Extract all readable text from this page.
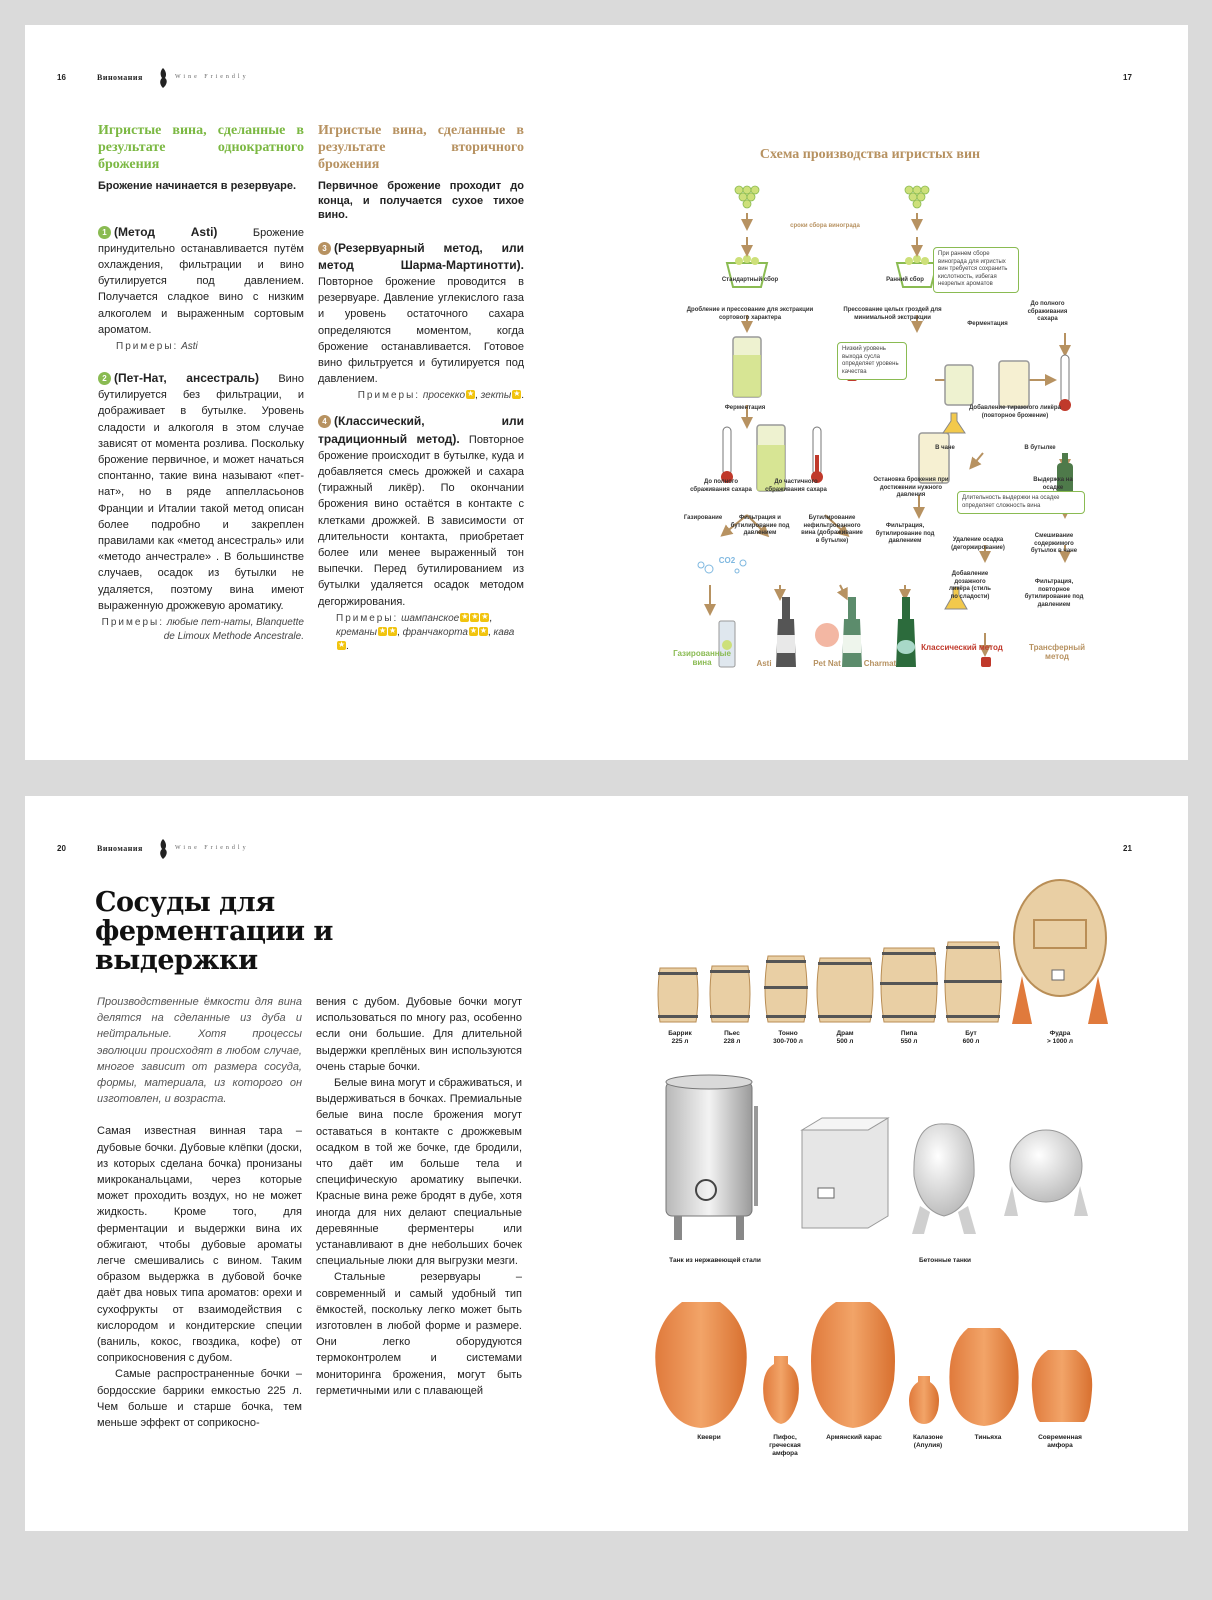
16	Виномания	Wine Friendly	17

Игристые вина, сделанные в результате однократного брожения

Брожение начинается в резервуаре.

1 (Метод Asti)	Брожение принудительно останавливается путём охлаждения, фильтрации и вино бутилируется под давлением. Получается сладкое вино с низким алкоголем и выраженным сортовым ароматом.

Примеры: Asti

2 (Пет-Нат, ансестраль) Вино бутилируется без фильтрации, и дображивает в бутылке. Уровень сладости и алкоголя в этом случае зависят от момента розлива. Поскольку брожение первичное, и может начаться спонтанно, такие вина называют «пет-нат», но в ряде аппелласьонов Франции и Италии такой метод описан более подробно и закреплен правилами как «метод ансестраль» или «методо анчестрале» . В большинстве случаев, осадок из бутылки не удаляется, поэтому вина имеют выраженную дрожжевую ароматику.

Примеры: любые пет-наты, Blanquette de Limoux Methode Ancestrale.

Игристые вина, сделанные в результате вторичного брожения

Первичное брожение проходит до конца, и получается сухое тихое вино.

3 (Резервуарный метод, или метод Шарма-Мартинотти). Повторное брожение проводится в резервуаре. Давление углекислого газа и уровень остаточного сахара определяются моментом, когда брожение останавливается. Готовое вино фильтруется и бутилируется под давлением.

Примеры: просекко ★ , зекты ★ .

4 (Классический, или традиционный метод). Повторное брожение происходит в бутылке, куда и добавляется смесь дрожжей и сахара (тиражный ликёр). По окончании брожения вино остаётся в контакте с клетками дрожжей. В зависимости от длительности контакта, приобретает более или менее выраженный тон выпечки. Перед бутилированием из бутылки удаляется осадок методом дегоржирования.

Примеры: шампанское ★ ★ ★	, креманы ★ ★ , франчакорта ★ ★ , кава★.

Схема производства игристых вин
сроки сбора винограда
Стандартный сбор	Ранний сбор
При раннем сборе винограда для игристых вин требуется сохранить кислотность, избегая незрелых ароматов
Дробление и прессование для экстракции сортового характера
Прессование целых гроздей для минимальной экстракции
Ферментация
До полного сбраживания сахара
Низкий уровень выхода сусла определяет уровень качества
Ферментация	Добавление тиражного ликёра (повторное брожение)
В чане	В бутылке
До полного сбраживания сахара
До частичного сбраживания сахара
Остановка брожения при достижении нужного давления
Выдержка на осадке
Длительность выдержки на осадке определяет сложность вина
Газирование	Фильтрация и бутилирование под давлением
Бутилирование нефильтрованного вина (дображивание в бутылке)
Фильтрация, бутилирование под давлением
CO2
Удаление осадка (дегоржирование)
Смешивание содержимого бутылок в чане
Добавление дозажного ликёра (стиль по сладости)
Фильтрация, повторное бутилирование под давлением
Газированные вина	Asti	Pet Nat	Charmat
Классический метод	Трансферный метод
20	Виномания	Wine Friendly	21
Сосуды для ферментации и выдержки

Производственные ёмкости для вина делятся на сделанные из дуба и нейтральные. Хотя процессы эволюции происходят в любом случае, многое зависит от размера сосуда, формы, материала, из которого он изготовлен, и возраста.

Самая известная винная тара – дубовые бочки. Дубовые клёпки (доски, из которых сделана бочка) пронизаны микроканальцами, через которые может проходить воздух, но не может жидкость. Кроме того, для ферментации и выдержки вина их обжигают, чтобы дубовые ароматы легче смешивались с вином. Таким образом выдержка в дубовой бочке даёт два новых типа ароматов: орехи и сухофрукты от взаимодействия с кислородом и кондитерские специи (ваниль, кокос, гвоздика, кофе) от соприкосновения с дубом.

Самые распространенные бочки – бордосские баррики емкостью 225 л. Чем больше и старше бочка, тем меньше эффект от соприкосно-

вения с дубом. Дубовые бочки могут использоваться по многу раз, особенно если они большие. Для длительной выдержки креплёных вин используются очень старые бочки.

Белые вина могут и сбраживаться, и выдерживаться в бочках. Премиальные белые вина после брожения могут оставаться в контакте с дрожжевым осадком в той же бочке, где бродили, что даёт им больше тела и специфическую ароматику выпечки. Красные вина реже бродят в дубе, хотя иногда для них делают специальные деревянные ферментеры или устанавливают в дне небольших бочек специальные люки для выгрузки мезги.

Стальные резервуары – современный и самый удобный тип ёмкостей, поскольку легко может быть изготовлен в любой форме и размере. Они легко оборудуются термоконтролем и системами мониторинга брожения, могут быть герметичными или с плавающей

Баррик
225 л
Пьес
228 л
Тонно
300-700 л
Драм
500 л
Пипа
550 л
Бут
600 л
Фудра
> 1000 л
Танк из нержавеющей стали	Бетонные танки
Квеври	Пифос, греческая амфора
Армянский карас	Калазоне (Апулия)
Тиньяха	Современная амфора
